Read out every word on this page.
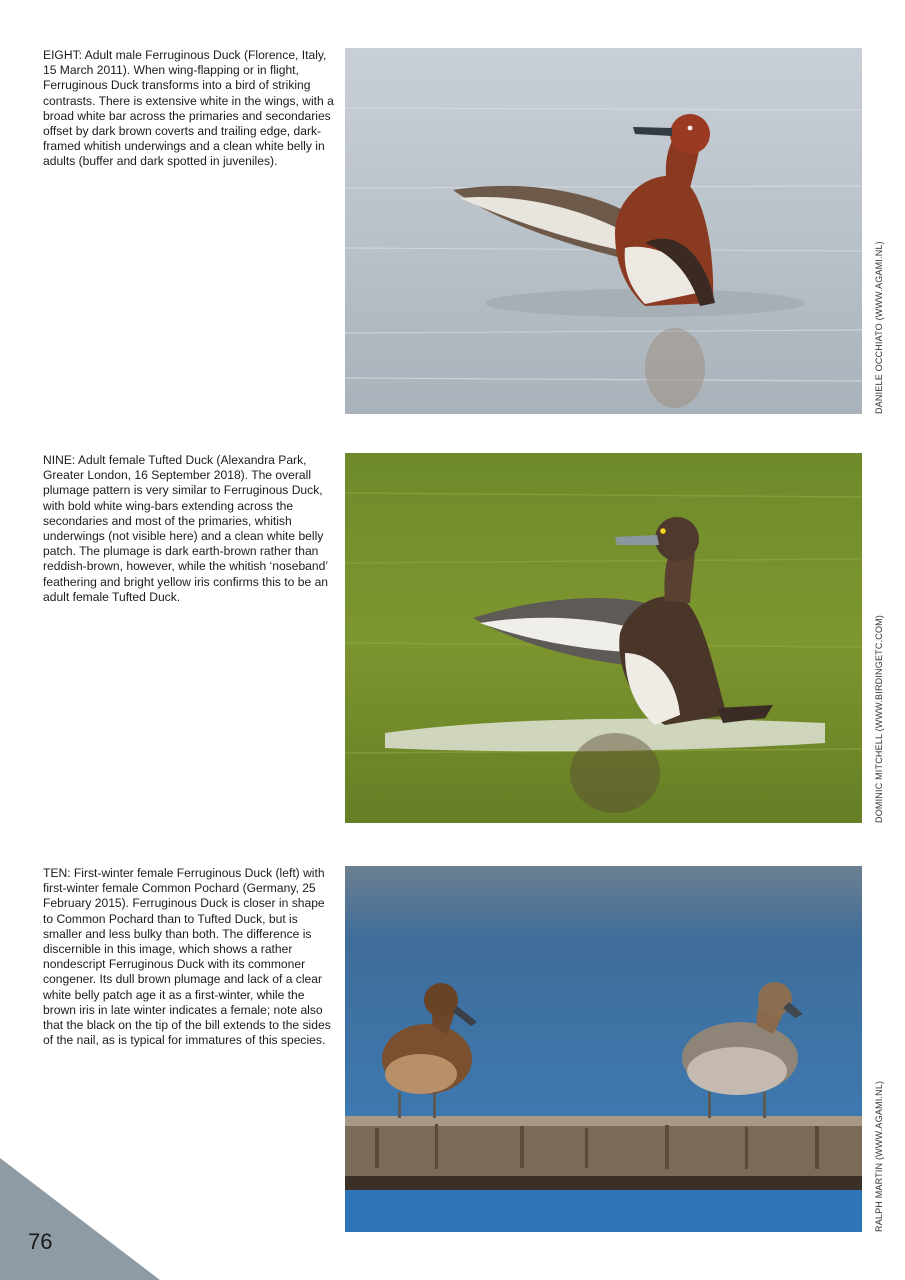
EIGHT: Adult male Ferruginous Duck (Florence, Italy, 15 March 2011). When wing-flapping or in flight, Ferruginous Duck transforms into a bird of striking contrasts. There is extensive white in the wings, with a broad white bar across the primaries and secondaries offset by dark brown coverts and trailing edge, dark-framed whitish underwings and a clean white belly in adults (buffer and dark spotted in juveniles).

DANIELE OCCHIATO (WWW.AGAMI.NL)

NINE: Adult female Tufted Duck (Alexandra Park, Greater London, 16 September 2018). The overall plumage pattern is very similar to Ferruginous Duck, with bold white wing-bars extending across the secondaries and most of the primaries, whitish underwings (not visible here) and a clean white belly patch. The plumage is dark earth-brown rather than reddish-brown, however, while the whitish ‘noseband’ feathering and bright yellow iris confirms this to be an adult female Tufted Duck.

DOMINIC MITCHELL (WWW.BIRDINGETC.COM)

TEN: First-winter female Ferruginous Duck (left) with first-winter female Common Pochard (Germany, 25 February 2015). Ferruginous Duck is closer in shape to Common Pochard than to Tufted Duck, but is smaller and less bulky than both. The difference is discernible in this image, which shows a rather nondescript Ferruginous Duck with its commoner congener. Its dull brown plumage and lack of a clear white belly patch age it as a first-winter, while the brown iris in late winter indicates a female; note also that the black on the tip of the bill extends to the sides of the nail, as is typical for immatures of this species.

RALPH MARTIN (WWW.AGAMI.NL)
76
